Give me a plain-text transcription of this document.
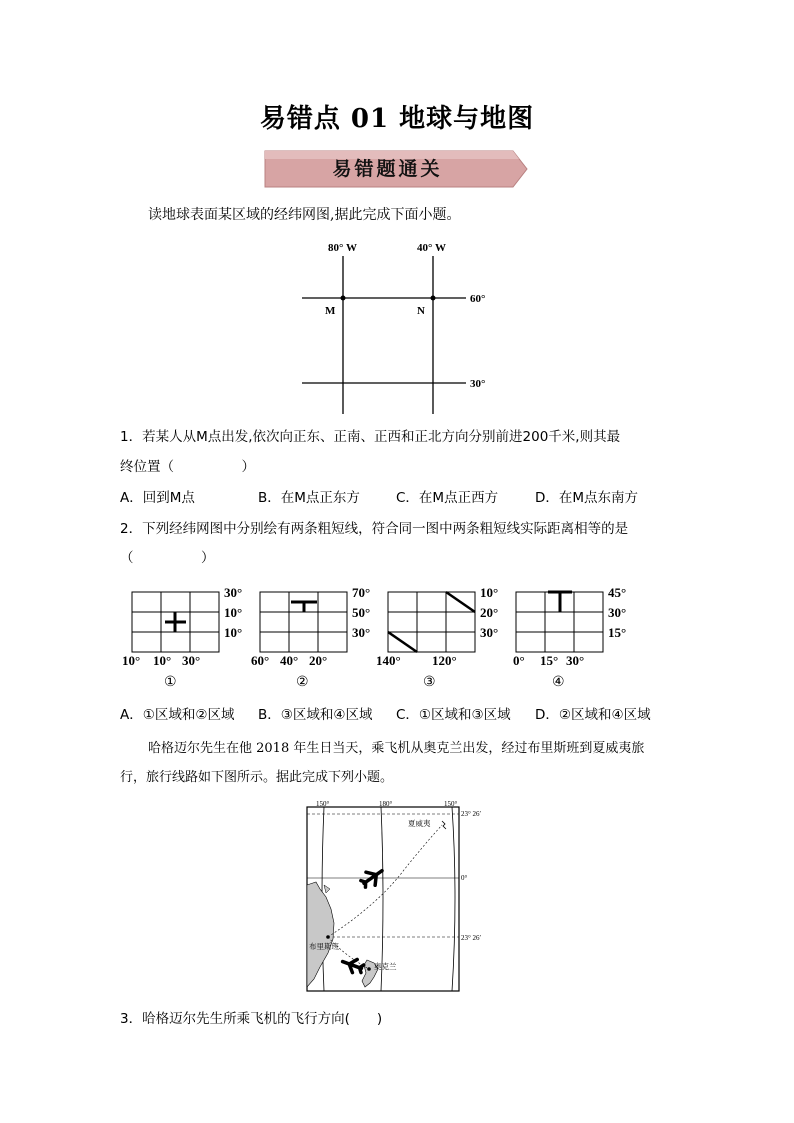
易错点 01 地球与地图
易错题通关
读地球表面某区域的经纬网图,据此完成下面小题。
80° W	40° W
60°
30°
M	N
1．若某人从M点出发,依次向正东、正南、正西和正北方向分别前进200千米,则其最
终位置（　　　　　）
A．回到M点	B．在M点正东方	C．在M点正西方	D．在M点东南方
2．下列经纬网图中分别绘有两条粗短线，符合同一图中两条粗短线实际距离相等的是
（　　　　　）
30°
10°
10°
10° 10° 30°
①
70°
50°
30°
60° 40° 20°
②
10°
20°
30°
140° 120°
③
45°
30°
15°
0° 15° 30°
④
A．①区域和②区域 B．③区域和④区域 C．①区域和③区域 D．②区域和④区域
哈格迈尔先生在他 2018 年生日当天，乘飞机从奥克兰出发，经过布里斯班到夏威夷旅
行，旅行线路如下图所示。据此完成下列小题。
150°	180°	150°
23° 26′
0°
23° 26′
夏威夷
布里斯班
奥克兰
3．哈格迈尔先生所乘飞机的飞行方向(　　)
